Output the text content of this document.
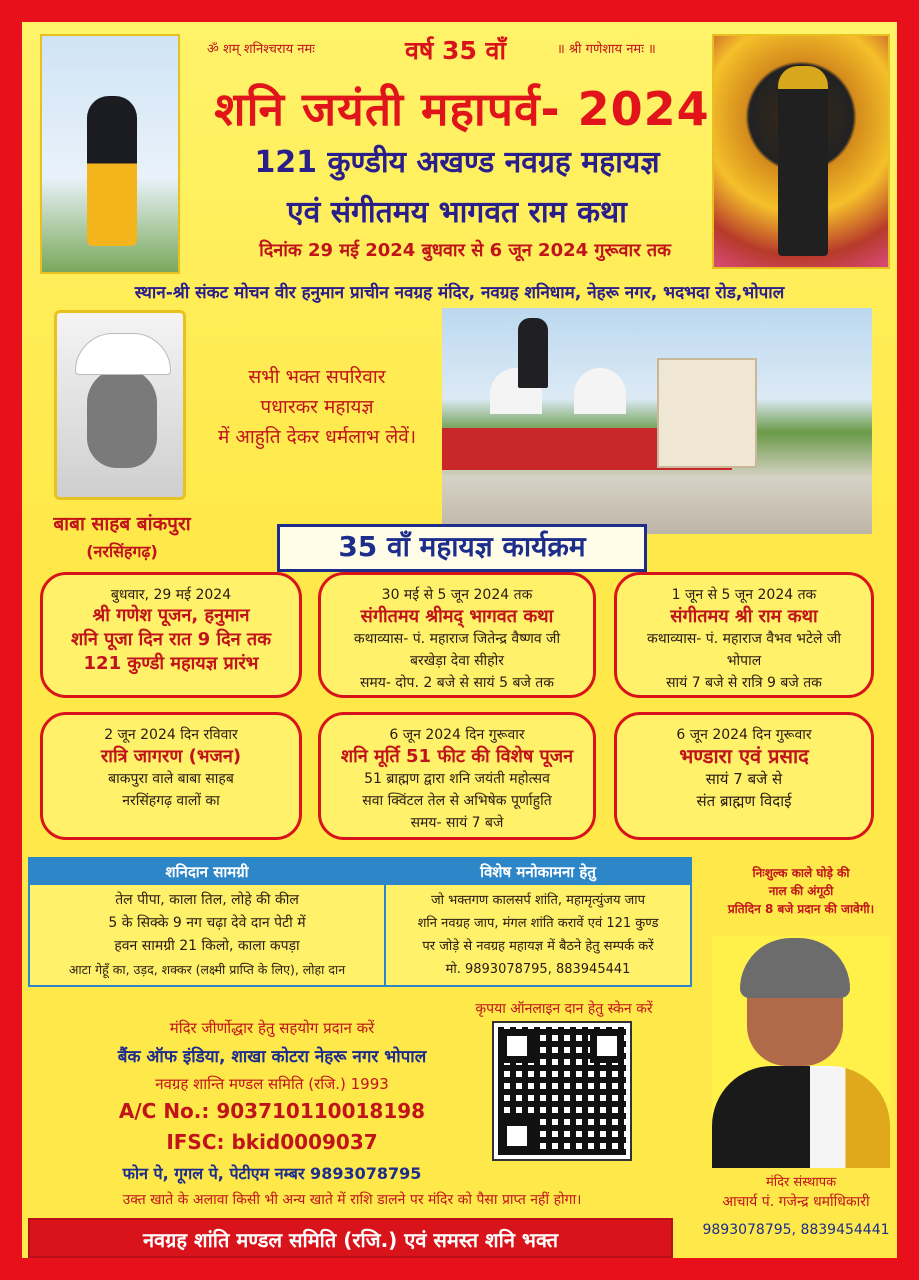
ॐ शम् शनिश्चराय नमः	वर्ष 35 वाँ	॥ श्री गणेशाय नमः ॥
शनि जयंती महापर्व- 2024
121 कुण्डीय अखण्ड नवग्रह महायज्ञ
एवं संगीतमय भागवत राम कथा
दिनांक 29 मई 2024 बुधवार से 6 जून 2024 गुरूवार तक
स्थान-श्री संकट मोचन वीर हनुमान प्राचीन नवग्रह मंदिर, नवग्रह शनिधाम, नेहरू नगर, भदभदा रोड,भोपाल
बाबा साहब बांकपुरा
(नरसिंहगढ़)
सभी भक्त सपरिवार
पधारकर महायज्ञ
में आहुति देकर धर्मलाभ लेवें।
35 वाँ महायज्ञ कार्यक्रम
बुधवार, 29 मई 2024
श्री गणेश पूजन, हनुमान
शनि पूजा दिन रात 9 दिन तक
121 कुण्डी महायज्ञ प्रारंभ
30 मई से 5 जून 2024 तक
संगीतमय श्रीमद् भागवत कथा
कथाव्यास- पं. महाराज जितेन्द्र वैष्णव जी
बरखेड़ा देवा सीहोर
समय- दोप. 2 बजे से सायं 5 बजे तक
1 जून से 5 जून 2024 तक
संगीतमय श्री राम कथा
कथाव्यास- पं. महाराज वैभव भटेले जी
भोपाल
सायं 7 बजे से रात्रि 9 बजे तक
2 जून 2024 दिन रविवार
रात्रि जागरण (भजन)
बाकपुरा वाले बाबा साहब
नरसिंहगढ़ वालों का
6 जून 2024 दिन गुरूवार
शनि मूर्ति 51 फीट की विशेष पूजन
51 ब्राह्मण द्वारा शनि जयंती महोत्सव
सवा क्विंटल तेल से अभिषेक पूर्णाहुति
समय- सायं 7 बजे
6 जून 2024 दिन गुरूवार
भण्डारा एवं प्रसाद
सायं 7 बजे से
संत ब्राह्मण विदाई
शनिदान सामग्री
तेल पीपा, काला तिल, लोहे की कील
5 के सिक्के 9 नग चढ़ा देवे दान पेटी में
हवन सामग्री 21 किलो, काला कपड़ा
आटा गेहूँ का, उड़द, शक्कर (लक्ष्मी प्राप्ति के लिए), लोहा दान
विशेष मनोकामना हेतु
जो भक्तगण कालसर्प शांति, महामृत्युंजय जाप
शनि नवग्रह जाप, मंगल शांति करावें एवं 121 कुण्ड
पर जोड़े से नवग्रह महायज्ञ में बैठने हेतु सम्पर्क करें
मो. 9893078795, 883945441
निःशुल्क काले घोड़े की
नाल की अंगूठी
प्रतिदिन 8 बजे प्रदान की जावेगी।
कृपया ऑनलाइन दान हेतु स्केन करें
मंदिर जीर्णोद्धार हेतु सहयोग प्रदान करें
बैंक ऑफ इंडिया, शाखा कोटरा नेहरू नगर भोपाल
नवग्रह शान्ति मण्डल समिति (रजि.) 1993
A/C No.: 903710110018198
IFSC: bkid0009037
फोन पे, गूगल पे, पेटीएम नम्बर 9893078795
उक्त खाते के अलावा किसी भी अन्य खाते में राशि डालने पर मंदिर को पैसा प्राप्त नहीं होगा।
मंदिर संस्थापक
आचार्य पं. गजेन्द्र धर्माधिकारी
9893078795, 8839454441
नवग्रह शांति मण्डल समिति (रजि.) एवं समस्त शनि भक्त
